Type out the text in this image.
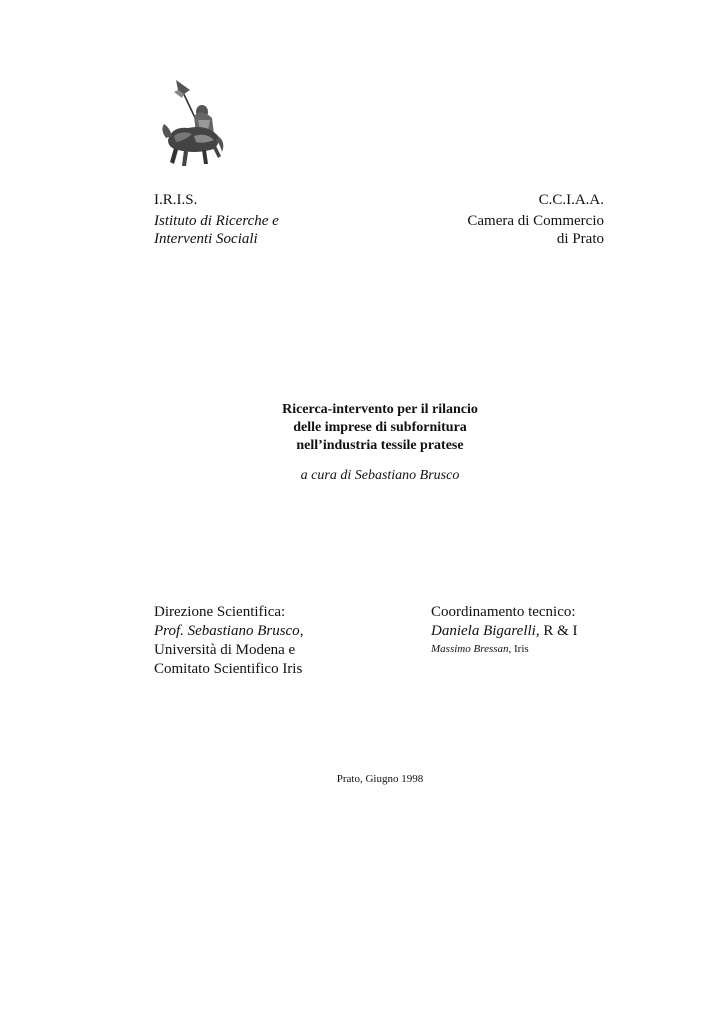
I.R.I.S.
Istituto di Ricerche e
Interventi Sociali
C.C.I.A.A.
Camera di Commercio
di Prato
Ricerca-intervento per il rilancio
delle imprese di subfornitura
nell’industria tessile pratese
a cura di Sebastiano Brusco
Direzione Scientifica:
Prof. Sebastiano Brusco,
Università di Modena e
Comitato Scientifico Iris
Coordinamento tecnico:
Daniela Bigarelli, R & I
Massimo Bressan, Iris
Prato, Giugno 1998
